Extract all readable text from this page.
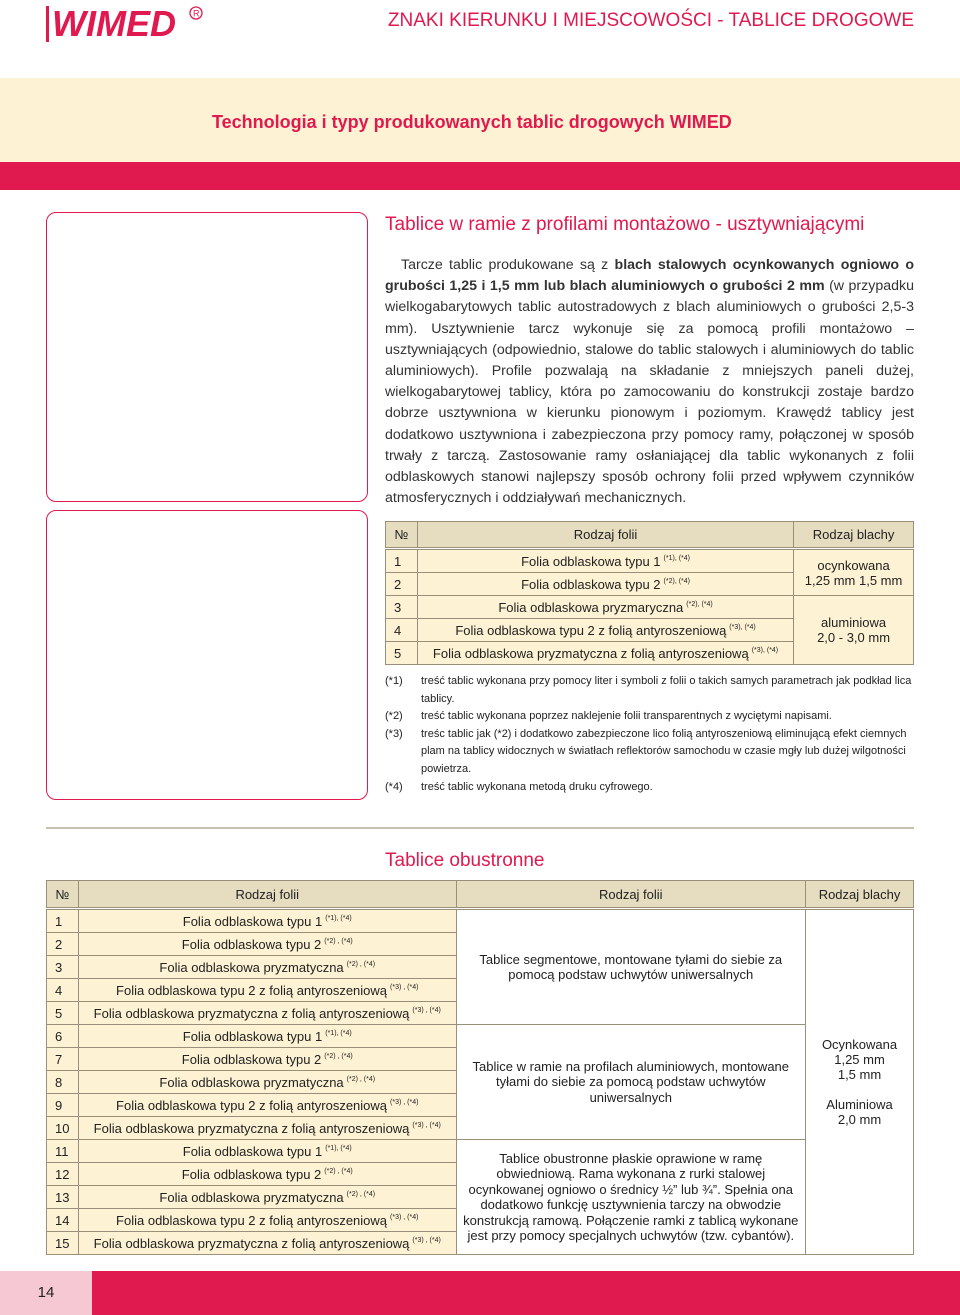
WIMED R	ZNAKI KIERUNKU I MIEJSCOWOŚCI - TABLICE DROGOWE
Technologia i typy produkowanych tablic drogowych WIMED
Tablice w ramie z profilami montażowo - usztywniającymi
Tarcze tablic produkowane są z blach stalowych ocynkowanych ogniowo o grubości 1,25 i 1,5 mm lub blach aluminiowych o grubości 2 mm (w przypadku wielkogabarytowych tablic autostradowych z blach aluminiowych o grubości 2,5-3 mm). Usztywnienie tarcz wykonuje się za pomocą profili montażowo – usztywniających (odpowiednio, stalowe do tablic stalowych i aluminiowych do tablic aluminiowych). Profile pozwalają na składanie z mniejszych paneli dużej, wielkogabarytowej tablicy, która po zamocowaniu do konstrukcji zostaje bardzo dobrze usztywniona w kierunku pionowym i poziomym. Krawędź tablicy jest dodatkowo usztywniona i zabezpieczona przy pomocy ramy, połączonej w sposób trwały z tarczą. Zastosowanie ramy osłaniającej dla tablic wykonanych z folii odblaskowych stanowi najlepszy sposób ochrony folii przed wpływem czynników atmosferycznych i oddziaływań mechanicznych.
№	Rodzaj folii	Rodzaj blachy

1	Folia odblaskowa typu 1 $^{(*1), (*4)}$	ocynkowana
1,25 mm 1,5 mm

2	Folia odblaskowa typu 2 $^{(*2), (*4)}$
3	Folia odblaskowa pryzmaryczna $^{(*2), (*4)}$	aluminiowa
2,0 - 3,0 mm

4	Folia odblaskowa typu 2 z folią antyroszeniową $^{(*3), (*4)}$
5	Folia odblaskowa pryzmatyczna z folią antyroszeniową $^{(*3), (*4)}$
(*1)	treść tablic wykonana przy pomocy liter i symboli z folii o takich samych parametrach jak podkład lica tablicy.
(*2)	treść tablic wykonana poprzez naklejenie folii transparentnych z wyciętymi napisami.
(*3)	treśc tablic jak (*2) i dodatkowo zabezpieczone lico folią antyroszeniową eliminującą efekt ciemnych plam na tablicy widocznych w światłach reflektorów samochodu w czasie mgły lub dużej wilgotności powietrza.
(*4)	treść tablic wykonana metodą druku cyfrowego.
Tablice obustronne
№	Rodzaj folii	Rodzaj folii	Rodzaj blachy

1	Folia odblaskowa typu 1 $^{(*1), (*4)}$	Tablice segmentowe, montowane tyłami do siebie za pomocą podstaw uchwytów uniwersalnych	Ocynkowana
1,25 mm
1,5 mm
Aluminiowa
2,0 mm

2	Folia odblaskowa typu 2 $^{(*2) , (*4)}$
3	Folia odblaskowa pryzmatyczna $^{(*2) , (*4)}$
4	Folia odblaskowa typu 2 z folią antyroszeniową $^{(*3) , (*4)}$
5	Folia odblaskowa pryzmatyczna z folią antyroszeniową $^{(*3) , (*4)}$
6	Folia odblaskowa typu 1 $^{(*1), (*4)}$	Tablice w ramie na profilach aluminiowych, montowane tyłami do siebie za pomocą podstaw uchwytów uniwersalnych	
7	Folia odblaskowa typu 2 $^{(*2) , (*4)}$
8	Folia odblaskowa pryzmatyczna $^{(*2) , (*4)}$
9	Folia odblaskowa typu 2 z folią antyroszeniową $^{(*3) , (*4)}$
10	Folia odblaskowa pryzmatyczna z folią antyroszeniową $^{(*3) , (*4)}$
11	Folia odblaskowa typu 1 $^{(*1), (*4)}$	Tablice obustronne płaskie oprawione w ramę obwiedniową. Rama wykonana z rurki stalowej ocynkowanej ogniowo o średnicy ½” lub ¾”. Spełnia ona dodatkowo funkcję usztywnienia tarczy na obwodzie konstrukcją ramową. Połączenie ramki z tablicą wykonane jest przy pomocy specjalnych uchwytów (tzw. cybantów).	
12	Folia odblaskowa typu 2 $^{(*2) , (*4)}$
13	Folia odblaskowa pryzmatyczna $^{(*2) , (*4)}$
14	Folia odblaskowa typu 2 z folią antyroszeniową $^{(*3) , (*4)}$
15	Folia odblaskowa pryzmatyczna z folią antyroszeniową $^{(*3) , (*4)}$
14
